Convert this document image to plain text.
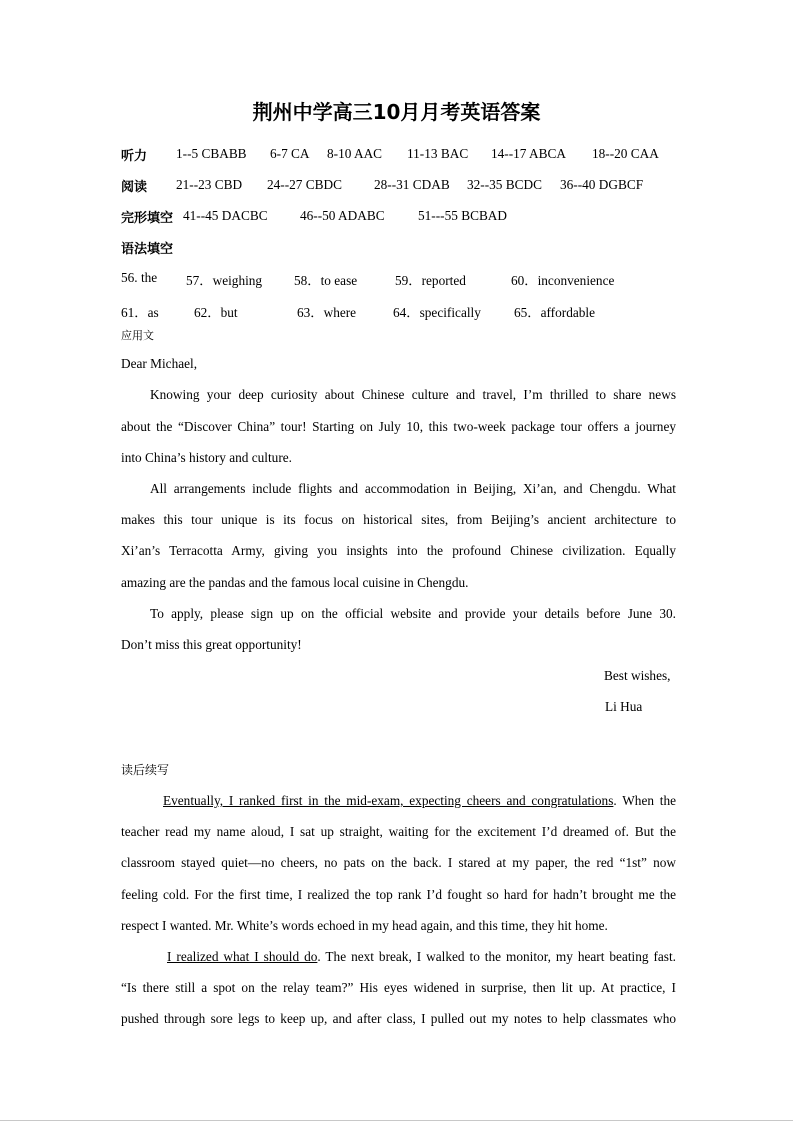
荆州中学高三10月月考英语答案
听力 1--5 CBABB 6-7 CA 8-10 AAC 11-13 BAC 14--17 ABCA 18--20 CAA
阅读 21--23 CBD 24--27 CBDC 28--31 CDAB 32--35 BCDC 36--40 DGBCF
完形填空 41--45 DACBC 46--50 ADABC	51---55 BCBAD
语法填空
56. the 57．weighing 58．to ease	59．reported	60．inconvenience
61．as	62．but	63．where	64．specifically 65．affordable
应用文
Dear Michael,
Knowing your deep curiosity about Chinese culture and travel, I’m thrilled to share news
about the “Discover China” tour! Starting on July 10, this two-week package tour offers a journey
into China’s history and culture.
All arrangements include flights and accommodation in Beijing, Xi’an, and Chengdu. What
makes this tour unique is its focus on historical sites, from Beijing’s ancient architecture to
Xi’an’s Terracotta Army, giving you insights into the profound Chinese civilization. Equally
amazing are the pandas and the famous local cuisine in Chengdu.
To apply, please sign up on the official website and provide your details before June 30.
Don’t miss this great opportunity!
Best wishes,
Li Hua
读后续写
Eventually, I ranked first in the mid-exam, expecting cheers and congratulations. When the
teacher read my name aloud, I sat up straight, waiting for the excitement I’d dreamed of. But the
classroom stayed quiet—no cheers, no pats on the back. I stared at my paper, the red “1st” now
feeling cold. For the first time, I realized the top rank I’d fought so hard for hadn’t brought me the
respect I wanted. Mr. White’s words echoed in my head again, and this time, they hit home.
I realized what I should do. The next break, I walked to the monitor, my heart beating fast.
“Is there still a spot on the relay team?” His eyes widened in surprise, then lit up. At practice, I
pushed through sore legs to keep up, and after class, I pulled out my notes to help classmates who
